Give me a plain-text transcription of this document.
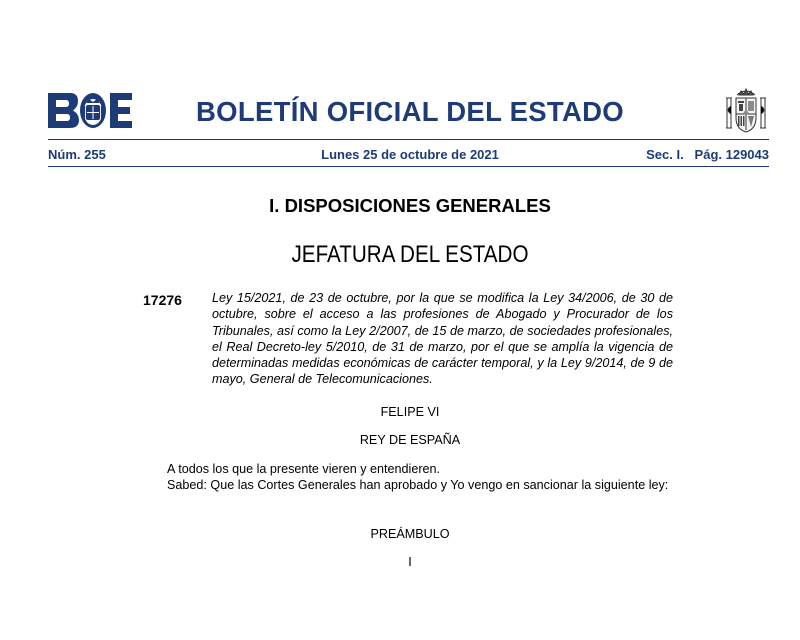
BOLETÍN OFICIAL DEL ESTADO
Núm. 255	Lunes 25 de octubre de 2021	Sec. I.   Pág. 129043
I. DISPOSICIONES GENERALES
JEFATURA DEL ESTADO
17276 Ley 15/2021, de 23 de octubre, por la que se modifica la Ley 34/2006, de 30 de octubre, sobre el acceso a las profesiones de Abogado y Procurador de los Tribunales, así como la Ley 2/2007, de 15 de marzo, de sociedades profesionales, el Real Decreto-ley 5/2010, de 31 de marzo, por el que se amplía la vigencia de determinadas medidas económicas de carácter temporal, y la Ley 9/2014, de 9 de mayo, General de Telecomunicaciones.
FELIPE VI
REY DE ESPAÑA
A todos los que la presente vieren y entendieren.
Sabed: Que las Cortes Generales han aprobado y Yo vengo en sancionar la siguiente ley:
PREÁMBULO
I
